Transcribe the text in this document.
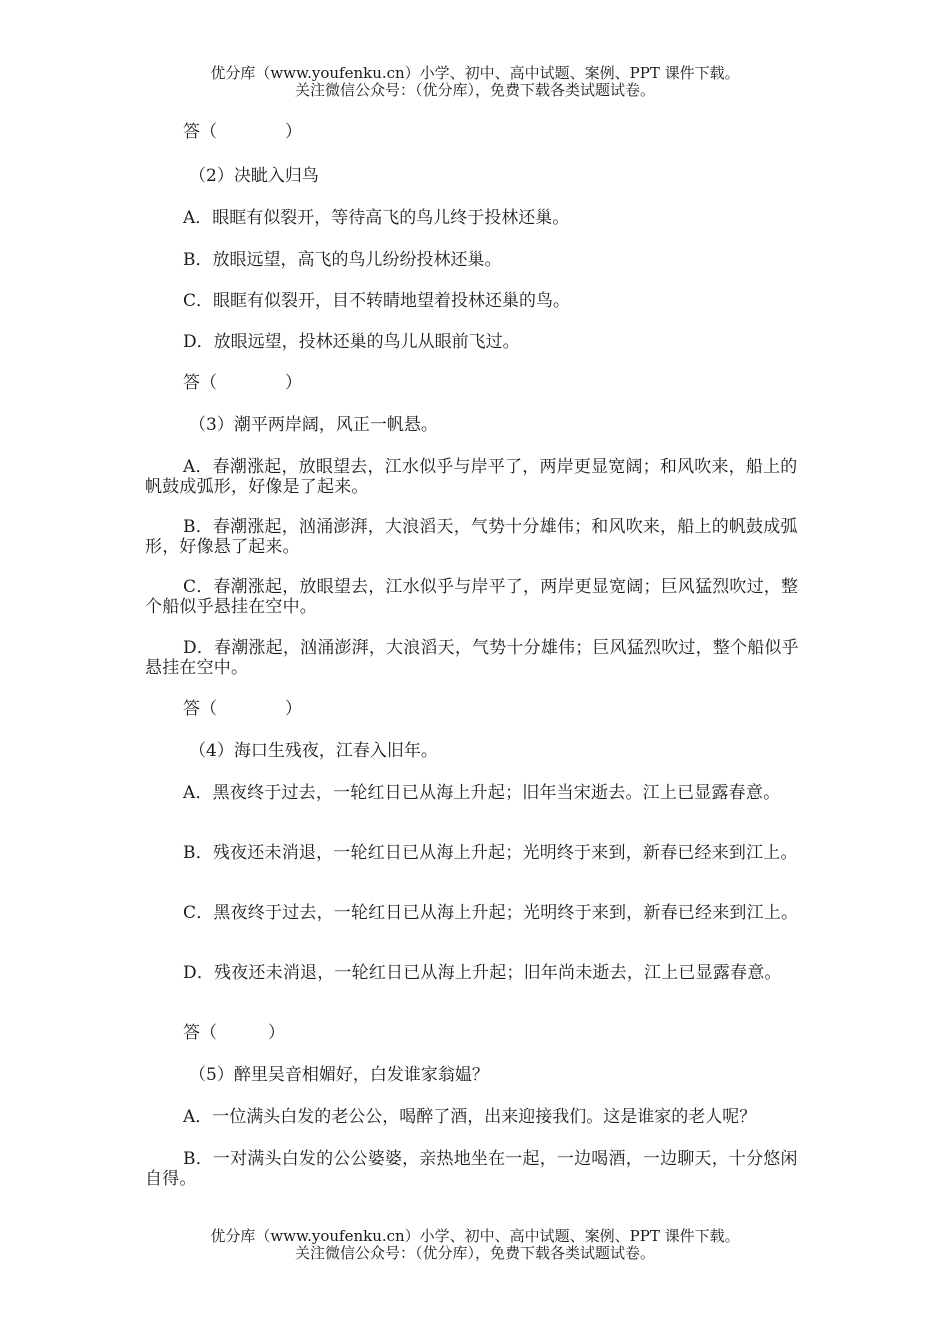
优分库（www.youfenku.cn）小学、初中、高中试题、案例、PPT 课件下载。
关注微信公众号：（优分库），免费下载各类试题试卷。

答（　　　　）

（2）决眦入归鸟

A．眼眶有似裂开，等待高飞的鸟儿终于投林还巢。

B．放眼远望，高飞的鸟儿纷纷投林还巢。

C．眼眶有似裂开，目不转睛地望着投林还巢的鸟。

D．放眼远望，投林还巢的鸟儿从眼前飞过。

答（　　　　）

（3）潮平两岸阔，风正一帆悬。

A．春潮涨起，放眼望去，江水似乎与岸平了，两岸更显宽阔；和风吹来，船上的帆鼓成弧形，好像是了起来。

B．春潮涨起，汹涌澎湃，大浪滔天，气势十分雄伟；和风吹来，船上的帆鼓成弧形，好像悬了起来。

C．春潮涨起，放眼望去，江水似乎与岸平了，两岸更显宽阔；巨风猛烈吹过，整个船似乎悬挂在空中。

D．春潮涨起，汹涌澎湃，大浪滔天，气势十分雄伟；巨风猛烈吹过，整个船似乎悬挂在空中。

答（　　　　）

（4）海口生残夜，江春入旧年。

A．黑夜终于过去，一轮红日已从海上升起；旧年当宋逝去。江上已显露春意。

B．残夜还未消退，一轮红日已从海上升起；光明终于来到，新春已经来到江上。

C．黑夜终于过去，一轮红日已从海上升起；光明终于来到，新春已经来到江上。

D．残夜还未消退，一轮红日已从海上升起；旧年尚未逝去，江上已显露春意。

答（　　　）

（5）醉里吴音相媚好，白发谁家翁媪？

A．一位满头白发的老公公，喝醉了酒，出来迎接我们。这是谁家的老人呢？

B．一对满头白发的公公婆婆，亲热地坐在一起，一边喝酒，一边聊天，十分悠闲自得。

优分库（www.youfenku.cn）小学、初中、高中试题、案例、PPT 课件下载。
关注微信公众号：（优分库），免费下载各类试题试卷。
